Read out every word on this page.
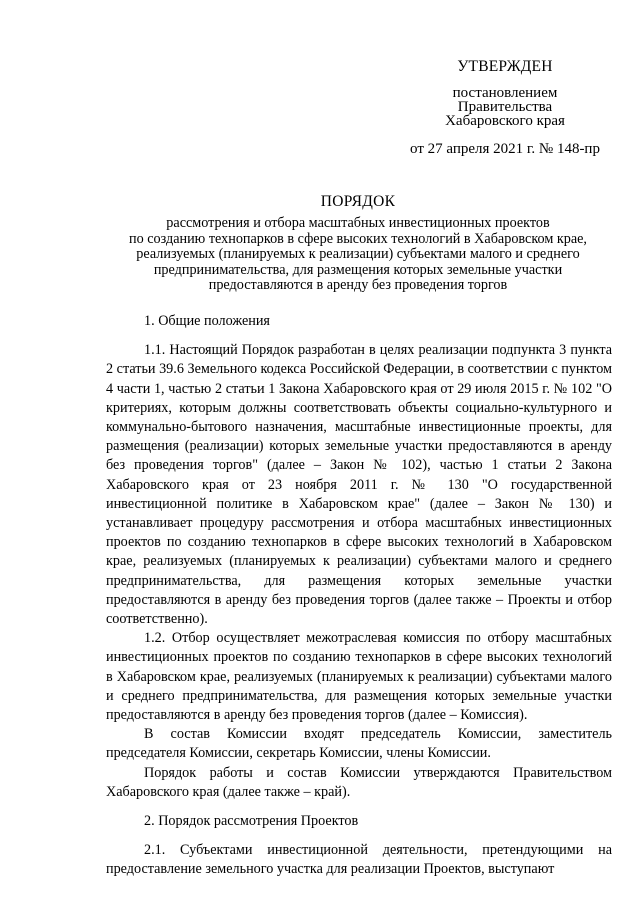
УТВЕРЖДЕН
постановлением
Правительства
Хабаровского края
от 27 апреля 2021 г. № 148-пр
ПОРЯДОК
рассмотрения и отбора масштабных инвестиционных проектов
по созданию технопарков в сфере высоких технологий в Хабаровском крае,
реализуемых (планируемых к реализации) субъектами малого и среднего
предпринимательства, для размещения которых земельные участки
предоставляются в аренду без проведения торгов

1. Общие положения

1.1. Настоящий Порядок разработан в целях реализации подпункта 3 пункта 2 статьи 39.6 Земельного кодекса Российской Федерации, в соответствии с пунктом 4 части 1, частью 2 статьи 1 Закона Хабаровского края от 29 июля 2015 г. № 102 "О критериях, которым должны соответствовать объекты социально-культурного и коммунально-бытового назначения, масштабные инвестиционные проекты, для размещения (реализации) которых земельные участки предоставляются в аренду без проведения торгов" (далее – Закон № 102), частью 1 статьи 2 Закона Хабаровского края от 23 ноября 2011 г. № 130 "О государственной инвестиционной политике в Хабаровском крае" (далее – Закон № 130) и устанавливает процедуру рассмотрения и отбора масштабных инвестиционных проектов по созданию технопарков в сфере высоких технологий в Хабаровском крае, реализуемых (планируемых к реализации) субъектами малого и среднего предпринимательства, для размещения которых земельные участки предоставляются в аренду без проведения торгов (далее также – Проекты и отбор соответственно).

1.2. Отбор осуществляет межотраслевая комиссия по отбору масштабных инвестиционных проектов по созданию технопарков в сфере высоких технологий в Хабаровском крае, реализуемых (планируемых к реализации) субъектами малого и среднего предпринимательства, для размещения которых земельные участки предоставляются в аренду без проведения торгов (далее – Комиссия).

В состав Комиссии входят председатель Комиссии, заместитель председателя Комиссии, секретарь Комиссии, члены Комиссии.

Порядок работы и состав Комиссии утверждаются Правительством Хабаровского края (далее также – край).

2. Порядок рассмотрения Проектов

2.1. Субъектами инвестиционной деятельности, претендующими на предоставление земельного участка для реализации Проектов, выступают
